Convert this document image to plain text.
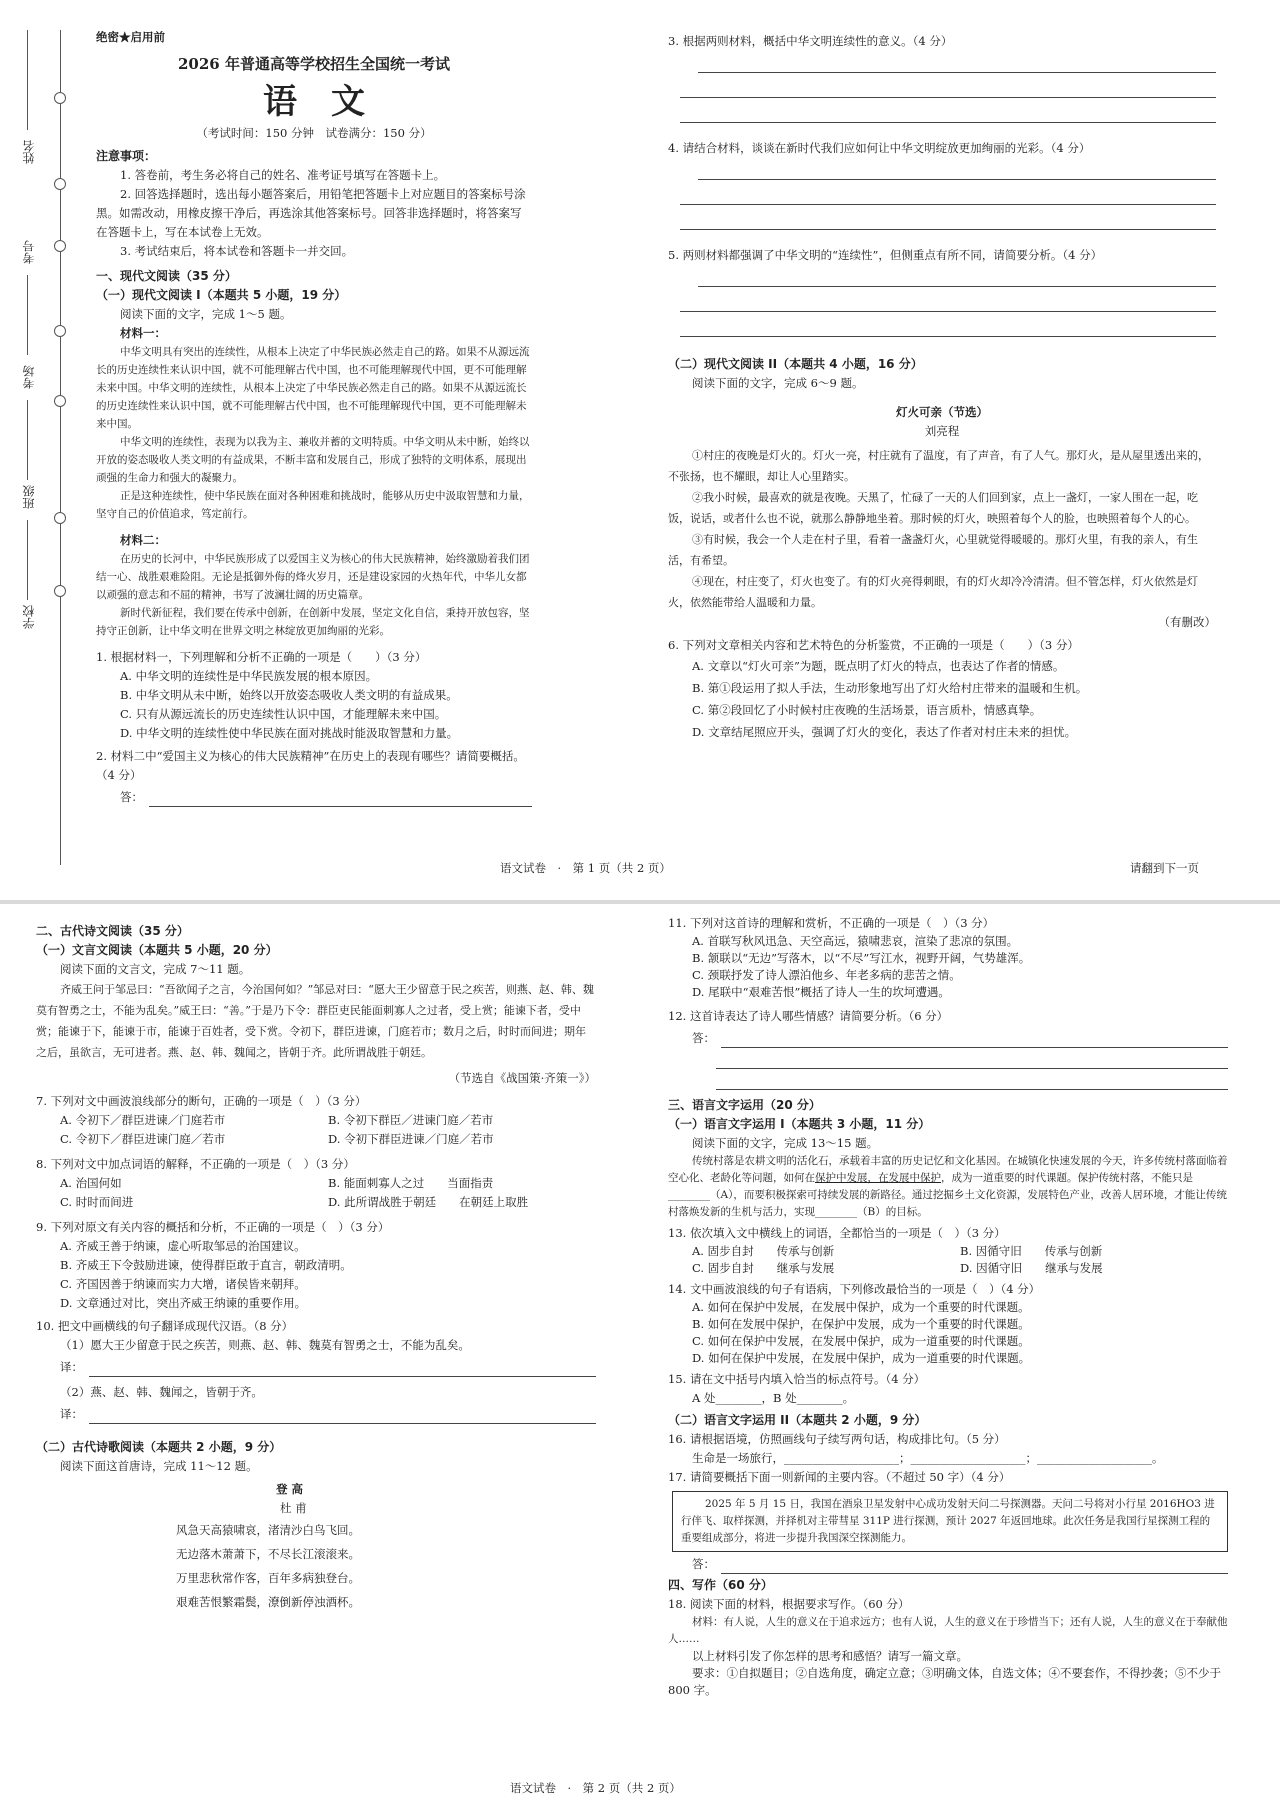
姓名
考号
考场
班级
学校

绝密★启用前

2026 年普通高等学校招生全国统一考试

语　文

（考试时间：150 分钟　试卷满分：150 分）

注意事项：

1. 答卷前，考生务必将自己的姓名、准考证号填写在答题卡上。

2. 回答选择题时，选出每小题答案后，用铅笔把答题卡上对应题目的答案标号涂黑。如需改动，用橡皮擦干净后，再选涂其他答案标号。回答非选择题时，将答案写在答题卡上，写在本试卷上无效。

3. 考试结束后，将本试卷和答题卡一并交回。

一、现代文阅读（35 分）

（一）现代文阅读 I（本题共 5 小题，19 分）

阅读下面的文字，完成 1～5 题。

材料一：

中华文明具有突出的连续性，从根本上决定了中华民族必然走自己的路。如果不从源远流长的历史连续性来认识中国，就不可能理解古代中国，也不可能理解现代中国，更不可能理解未来中国。中华文明的连续性，从根本上决定了中华民族必然走自己的路。如果不从源远流长的历史连续性来认识中国，就不可能理解古代中国，也不可能理解现代中国，更不可能理解未来中国。

中华文明的连续性，表现为以我为主、兼收并蓄的文明特质。中华文明从未中断，始终以开放的姿态吸收人类文明的有益成果，不断丰富和发展自己，形成了独特的文明体系，展现出顽强的生命力和强大的凝聚力。

正是这种连续性，使中华民族在面对各种困难和挑战时，能够从历史中汲取智慧和力量，坚守自己的价值追求，笃定前行。

材料二：

在历史的长河中，中华民族形成了以爱国主义为核心的伟大民族精神，始终激励着我们团结一心、战胜艰难险阻。无论是抵御外侮的烽火岁月，还是建设家园的火热年代，中华儿女都以顽强的意志和不屈的精神，书写了波澜壮阔的历史篇章。

新时代新征程，我们要在传承中创新，在创新中发展，坚定文化自信，秉持开放包容，坚持守正创新，让中华文明在世界文明之林绽放更加绚丽的光彩。

1. 根据材料一，下列理解和分析不正确的一项是（　　）（3 分）

A. 中华文明的连续性是中华民族发展的根本原因。

B. 中华文明从未中断，始终以开放姿态吸收人类文明的有益成果。

C. 只有从源远流长的历史连续性认识中国，才能理解未来中国。

D. 中华文明的连续性使中华民族在面对挑战时能汲取智慧和力量。

2. 材料二中“爱国主义为核心的伟大民族精神”在历史上的表现有哪些？请简要概括。（4 分）

答：

3. 根据两则材料，概括中华文明连续性的意义。（4 分）

4. 请结合材料，谈谈在新时代我们应如何让中华文明绽放更加绚丽的光彩。（4 分）

5. 两则材料都强调了中华文明的“连续性”，但侧重点有所不同，请简要分析。（4 分）

（二）现代文阅读 II（本题共 4 小题，16 分）

阅读下面的文字，完成 6～9 题。

灯火可亲（节选）

刘亮程

①村庄的夜晚是灯火的。灯火一亮，村庄就有了温度，有了声音，有了人气。那灯火，是从屋里透出来的，不张扬，也不耀眼，却让人心里踏实。

②我小时候，最喜欢的就是夜晚。天黑了，忙碌了一天的人们回到家，点上一盏灯，一家人围在一起，吃饭，说话，或者什么也不说，就那么静静地坐着。那时候的灯火，映照着每个人的脸，也映照着每个人的心。

③有时候，我会一个人走在村子里，看着一盏盏灯火，心里就觉得暖暖的。那灯火里，有我的亲人，有生活，有希望。

④现在，村庄变了，灯火也变了。有的灯火亮得刺眼，有的灯火却冷冷清清。但不管怎样，灯火依然是灯火，依然能带给人温暖和力量。

（有删改）

6. 下列对文章相关内容和艺术特色的分析鉴赏，不正确的一项是（　　）（3 分）

A. 文章以“灯火可亲”为题，既点明了灯火的特点，也表达了作者的情感。

B. 第①段运用了拟人手法，生动形象地写出了灯火给村庄带来的温暖和生机。

C. 第②段回忆了小时候村庄夜晚的生活场景，语言质朴，情感真挚。

D. 文章结尾照应开头，强调了灯火的变化，表达了作者对村庄未来的担忧。

语文试卷　·　第 1 页（共 2 页）	请翻到下一页

二、古代诗文阅读（35 分）

（一）文言文阅读（本题共 5 小题，20 分）

阅读下面的文言文，完成 7～11 题。

齐威王问于邹忌曰：“吾欲闻子之言，今治国何如？”邹忌对曰：“愿大王少留意于民之疾苦，则燕、赵、韩、魏莫有智勇之士，不能为乱矣。”威王曰：“善。”于是乃下令：群臣吏民能面刺寡人之过者，受上赏；能谏下者，受中赏；能谏于下，能谏于市，能谏于百姓者，受下赏。令初下，群臣进谏，门庭若市；数月之后，时时而间进；期年之后，虽欲言，无可进者。燕、赵、韩、魏闻之，皆朝于齐。此所谓战胜于朝廷。

（节选自《战国策·齐策一》）

7. 下列对文中画波浪线部分的断句，正确的一项是（　）（3 分）

A. 令初下／群臣进谏／门庭若市	B. 令初下群臣／进谏门庭／若市
C. 令初下／群臣进谏门庭／若市	D. 令初下群臣进谏／门庭／若市

8. 下列对文中加点词语的解释，不正确的一项是（　）（3 分）

A. 治国何如	B. 能面刺寡人之过　　当面指责
C. 时时而间进	D. 此所谓战胜于朝廷　　在朝廷上取胜

9. 下列对原文有关内容的概括和分析，不正确的一项是（　）（3 分）

A. 齐威王善于纳谏，虚心听取邹忌的治国建议。

B. 齐威王下令鼓励进谏，使得群臣敢于直言，朝政清明。

C. 齐国因善于纳谏而实力大增，诸侯皆来朝拜。

D. 文章通过对比，突出齐威王纳谏的重要作用。

10. 把文中画横线的句子翻译成现代汉语。（8 分）

（1）愿大王少留意于民之疾苦，则燕、赵、韩、魏莫有智勇之士，不能为乱矣。

译：

（2）燕、赵、韩、魏闻之，皆朝于齐。

译：

（二）古代诗歌阅读（本题共 2 小题，9 分）

阅读下面这首唐诗，完成 11～12 题。

登 高

杜 甫

风急天高猿啸哀，渚清沙白鸟飞回。

无边落木萧萧下，不尽长江滚滚来。

万里悲秋常作客，百年多病独登台。

艰难苦恨繁霜鬓，潦倒新停浊酒杯。

11. 下列对这首诗的理解和赏析，不正确的一项是（　）（3 分）

A. 首联写秋风迅急、天空高远，猿啸悲哀，渲染了悲凉的氛围。

B. 颔联以“无边”写落木，以“不尽”写江水，视野开阔，气势雄浑。

C. 颈联抒发了诗人漂泊他乡、年老多病的悲苦之情。

D. 尾联中“艰难苦恨”概括了诗人一生的坎坷遭遇。

12. 这首诗表达了诗人哪些情感？请简要分析。（6 分）

答：

三、语言文字运用（20 分）

（一）语言文字运用 I（本题共 3 小题，11 分）

阅读下面的文字，完成 13～15 题。

传统村落是农耕文明的活化石，承载着丰富的历史记忆和文化基因。在城镇化快速发展的今天，许多传统村落面临着空心化、老龄化等问题，如何在保护中发展，在发展中保护，成为一道重要的时代课题。保护传统村落，不能只是________（A），而要积极探索可持续发展的新路径。通过挖掘乡土文化资源，发展特色产业，改善人居环境，才能让传统村落焕发新的生机与活力，实现________（B）的目标。

13. 依次填入文中横线上的词语，全都恰当的一项是（　）（3 分）

A. 固步自封　　传承与创新	B. 因循守旧　　传承与创新
C. 固步自封　　继承与发展	D. 因循守旧　　继承与发展

14. 文中画波浪线的句子有语病，下列修改最恰当的一项是（　）（4 分）

A. 如何在保护中发展，在发展中保护，成为一个重要的时代课题。

B. 如何在发展中保护，在保护中发展，成为一个重要的时代课题。

C. 如何在保护中发展，在发展中保护，成为一道重要的时代课题。

D. 如何在保护中发展，在发展中保护，成为一道重要的时代课题。

15. 请在文中括号内填入恰当的标点符号。（4 分）

A 处________，B 处________。

（二）语言文字运用 II（本题共 2 小题，9 分）

16. 请根据语境，仿照画线句子续写两句话，构成排比句。（5 分）

生命是一场旅行，____________________；____________________；____________________。

17. 请简要概括下面一则新闻的主要内容。（不超过 50 字）（4 分）

2025 年 5 月 15 日，我国在酒泉卫星发射中心成功发射天问二号探测器。天问二号将对小行星 2016HO3 进行伴飞、取样探测，并择机对主带彗星 311P 进行探测，预计 2027 年返回地球。此次任务是我国行星探测工程的重要组成部分，将进一步提升我国深空探测能力。

答：

四、写作（60 分）

18. 阅读下面的材料，根据要求写作。（60 分）

材料：有人说，人生的意义在于追求远方；也有人说，人生的意义在于珍惜当下；还有人说，人生的意义在于奉献他人……

以上材料引发了你怎样的思考和感悟？请写一篇文章。

要求：①自拟题目；②自选角度，确定立意；③明确文体，自选文体；④不要套作，不得抄袭；⑤不少于 800 字。

语文试卷　·　第 2 页（共 2 页）
